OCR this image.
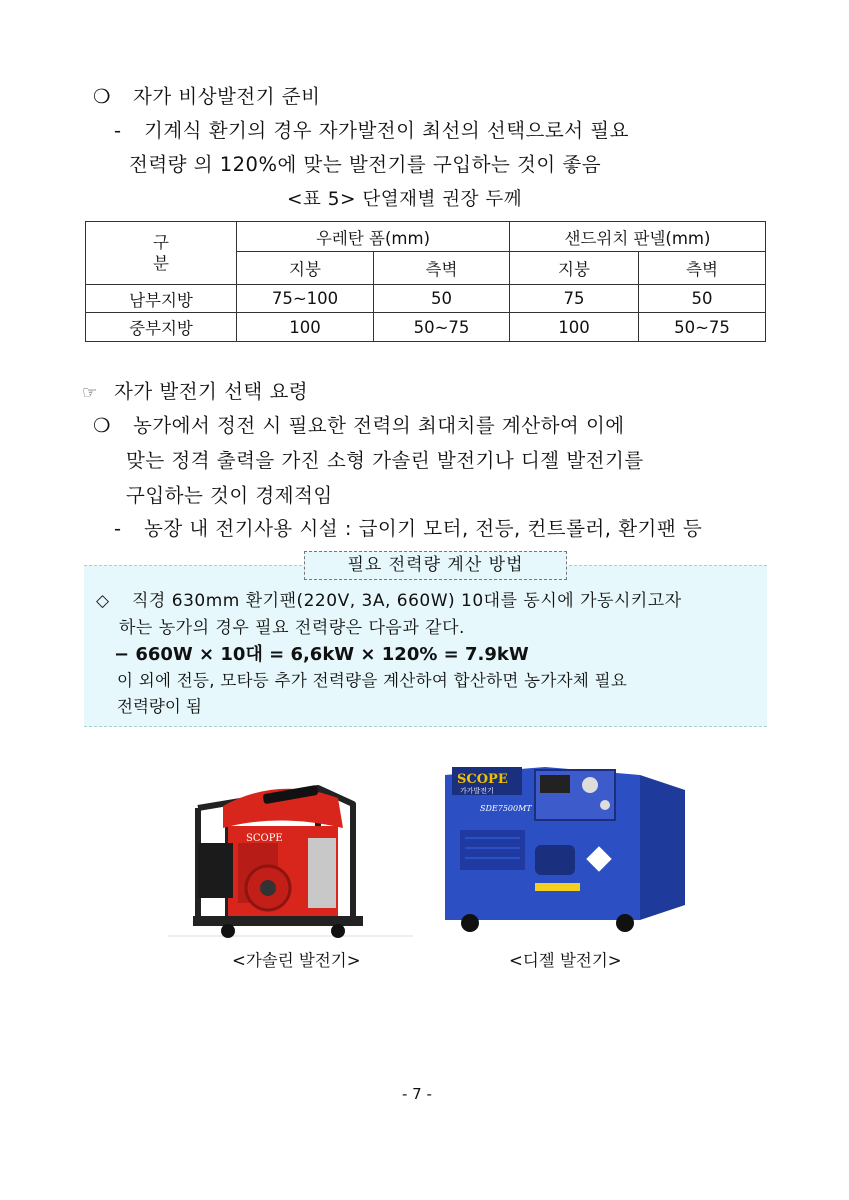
❍ 자가 비상발전기 준비
- 기계식 환기의 경우 자가발전이 최선의 선택으로서 필요
전력량 의 120%에 맞는 발전기를 구입하는 것이 좋음
<표 5> 단열재별 권장 두께
구
분	우레탄 폼(mm)		샌드위치 판넬(mm)	
	지붕	측벽	지붕	측벽
남부지방	75∼100	50	75	50
중부지방	100	50∼75	100	50∼75
☞ 자가 발전기 선택 요령
❍ 농가에서 정전 시 필요한 전력의 최대치를 계산하여 이에
맞는 정격 출력을 가진 소형 가솔린 발전기나 디젤 발전기를
구입하는 것이 경제적임
- 농장 내 전기사용 시설 : 급이기 모터, 전등, 컨트롤러, 환기팬 등
필요 전력량 계산 방법
◇ 직경 630mm 환기팬(220V, 3A, 660W) 10대를 동시에 가동시키고자
하는 농가의 경우 필요 전력량은 다음과 같다.
− 660W × 10대 = 6,6kW × 120% = 7.9kW
이 외에 전등, 모타등 추가 전력량을 계산하여 합산하면 농가자체 필요
전력량이 됨
SCOPE
SCOPE
가가발전기
SDE7500MT
<가솔린 발전기>	<디젤 발전기>
- 7 -
